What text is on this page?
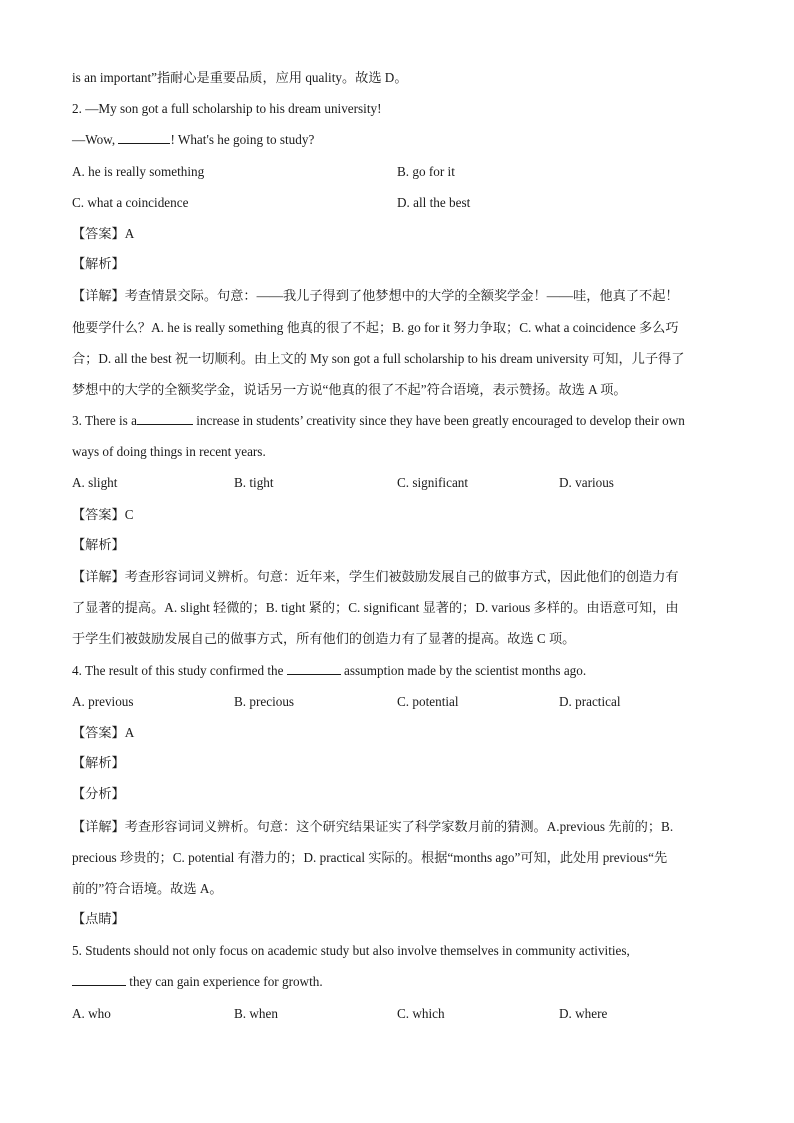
is an important”指耐心是重要品质，应用 quality。故选 D。
2. —My son got a full scholarship to his dream university!
—Wow,	! What's he going to study?
A. he is really something	B. go for it
C. what a coincidence	D. all the best
【答案】A
【解析】
【详解】考查情景交际。句意：——我儿子得到了他梦想中的大学的全额奖学金！——哇，他真了不起！
他要学什么？A. he is really something 他真的很了不起；B. go for it 努力争取；C. what a coincidence 多么巧
合；D. all the best 祝一切顺利。由上文的 My son got a full scholarship to his dream university 可知，儿子得了
梦想中的大学的全额奖学金，说话另一方说“他真的很了不起”符合语境，表示赞扬。故选 A 项。
3. There is a	increase in students’ creativity since they have been greatly encouraged to develop their own
ways of doing things in recent years.
A. slight	B. tight	C. significant	D. various
【答案】C
【解析】
【详解】考查形容词词义辨析。句意：近年来，学生们被鼓励发展自己的做事方式，因此他们的创造力有
了显著的提高。A. slight 轻微的；B. tight 紧的；C. significant 显著的；D. various 多样的。由语意可知，由
于学生们被鼓励发展自己的做事方式，所有他们的创造力有了显著的提高。故选 C 项。
4. The result of this study confirmed the	assumption made by the scientist months ago.
A. previous	B. precious	C. potential	D. practical
【答案】A
【解析】
【分析】
【详解】考查形容词词义辨析。句意：这个研究结果证实了科学家数月前的猜测。A.previous 先前的；B.
precious 珍贵的；C. potential 有潜力的；D. practical 实际的。根据“months ago”可知，此处用 previous“先
前的”符合语境。故选 A。
【点睛】
5. Students should not only focus on academic study but also involve themselves in community activities,
they can gain experience for growth.
A. who	B. when	C. which	D. where
